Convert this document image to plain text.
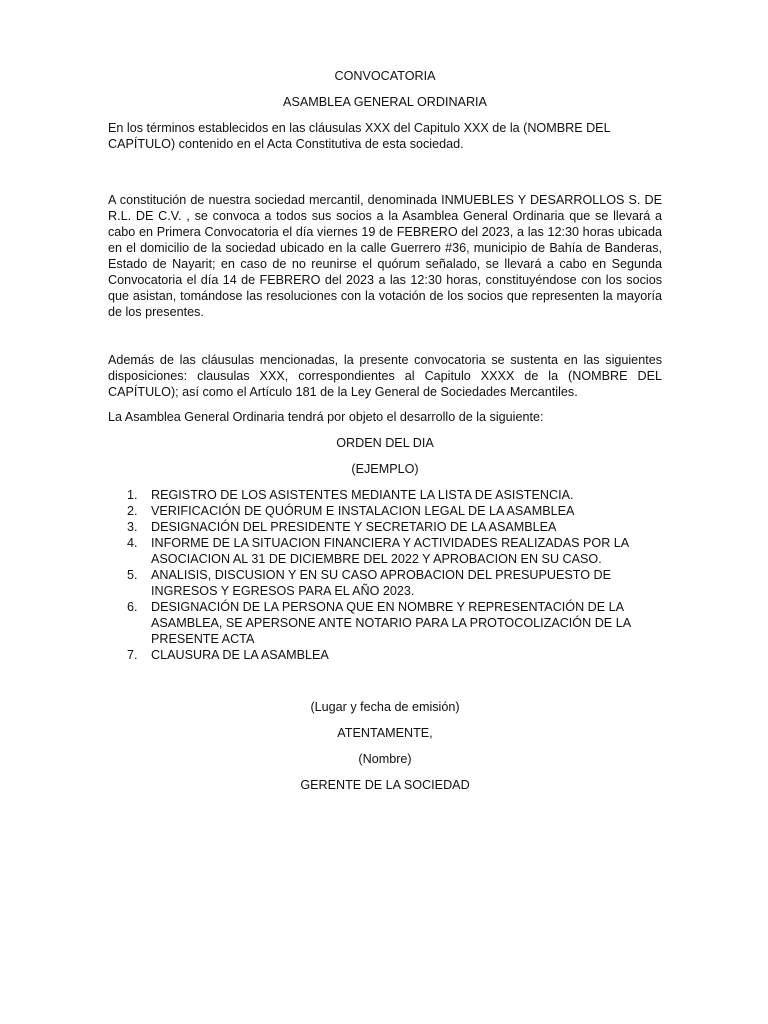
CONVOCATORIA
ASAMBLEA GENERAL ORDINARIA
En los términos establecidos en las cláusulas XXX del Capitulo XXX de la (NOMBRE DEL CAPÍTULO) contenido en el Acta Constitutiva de esta sociedad.
A constitución de nuestra sociedad mercantil, denominada INMUEBLES Y DESARROLLOS S. DE R.L. DE C.V. , se convoca a todos sus socios a la Asamblea General Ordinaria que se llevará a cabo en Primera Convocatoria el día viernes 19 de FEBRERO del 2023, a las 12:30 horas ubicada en el domicilio de la sociedad ubicado en la calle Guerrero #36, municipio de Bahía de Banderas, Estado de Nayarit; en caso de no reunirse el quórum señalado, se llevará a cabo en Segunda Convocatoria el día 14 de FEBRERO del 2023 a las 12:30 horas, constituyéndose con los socios que asistan, tomándose las resoluciones con la votación de los socios que representen la mayoría de los presentes.
Además de las cláusulas mencionadas, la presente convocatoria se sustenta en las siguientes disposiciones: clausulas XXX, correspondientes al Capitulo XXXX de la (NOMBRE DEL CAPÍTULO); así como el Artículo 181 de la Ley General de Sociedades Mercantiles.
La Asamblea General Ordinaria tendrá por objeto el desarrollo de la siguiente:
ORDEN DEL DIA
(EJEMPLO)
1. REGISTRO DE LOS ASISTENTES MEDIANTE LA LISTA DE ASISTENCIA.
2. VERIFICACIÓN DE QUÓRUM E INSTALACION LEGAL DE LA ASAMBLEA
3. DESIGNACIÓN DEL PRESIDENTE Y SECRETARIO DE LA ASAMBLEA
4. INFORME DE LA SITUACION FINANCIERA Y ACTIVIDADES REALIZADAS POR LA ASOCIACION AL 31 DE DICIEMBRE DEL 2022 Y APROBACION EN SU CASO.
5. ANALISIS, DISCUSION Y EN SU CASO APROBACION DEL PRESUPUESTO DE INGRESOS Y EGRESOS PARA EL AÑO 2023.
6. DESIGNACIÓN DE LA PERSONA QUE EN NOMBRE Y REPRESENTACIÓN DE LA ASAMBLEA, SE APERSONE ANTE NOTARIO PARA LA PROTOCOLIZACIÓN DE LA PRESENTE ACTA
7. CLAUSURA DE LA ASAMBLEA
(Lugar y fecha de emisión)
ATENTAMENTE,
(Nombre)
GERENTE DE LA SOCIEDAD
